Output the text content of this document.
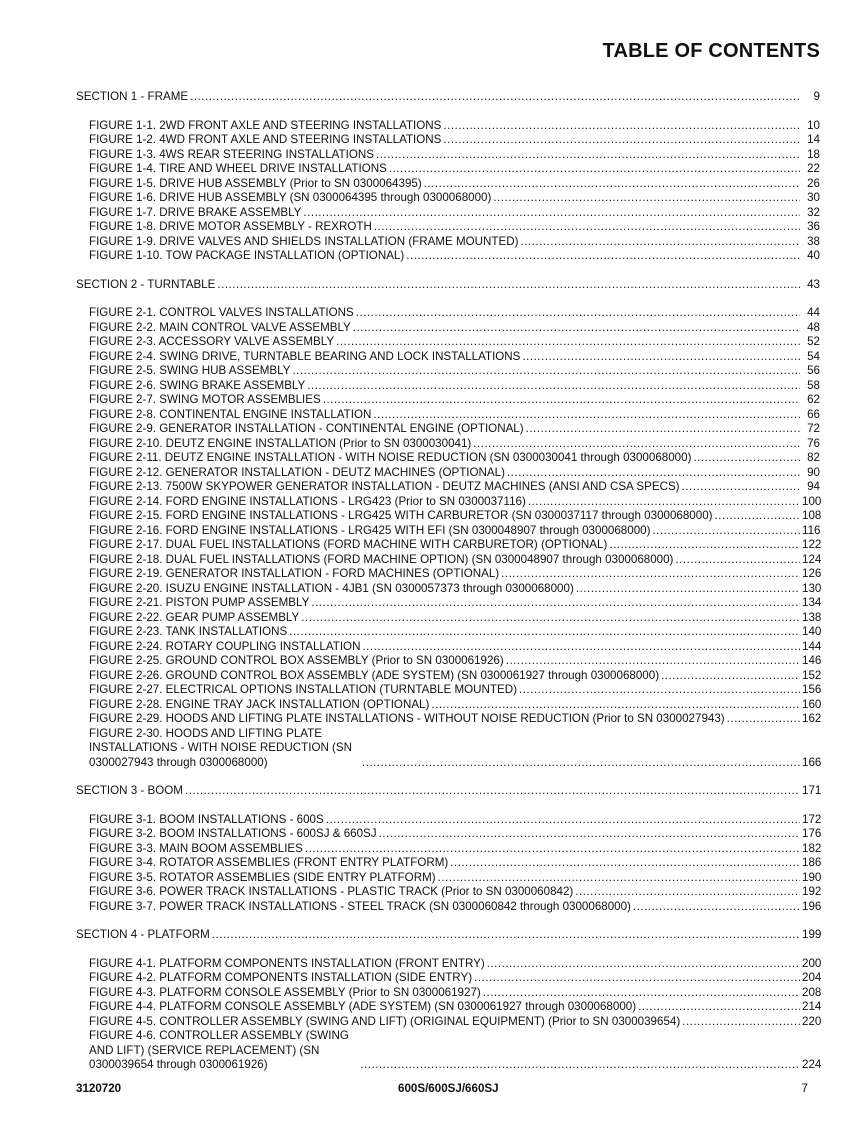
TABLE OF CONTENTS
SECTION 1 - FRAME .....	9
FIGURE 1-1. 2WD FRONT AXLE AND STEERING INSTALLATIONS .....	10
FIGURE 1-2. 4WD FRONT AXLE AND STEERING INSTALLATIONS .....	14
FIGURE 1-3. 4WS REAR STEERING INSTALLATIONS .....	18
FIGURE 1-4. TIRE AND WHEEL DRIVE INSTALLATIONS .....	22
FIGURE 1-5. DRIVE HUB ASSEMBLY (Prior to SN 0300064395) .....	26
FIGURE 1-6. DRIVE HUB ASSEMBLY (SN 0300064395 through 0300068000) .....	30
FIGURE 1-7. DRIVE BRAKE ASSEMBLY .....	32
FIGURE 1-8. DRIVE MOTOR ASSEMBLY - REXROTH .....	36
FIGURE 1-9. DRIVE VALVES AND SHIELDS INSTALLATION (FRAME MOUNTED) .....	38
FIGURE 1-10. TOW PACKAGE INSTALLATION (OPTIONAL) .....	40
SECTION 2 - TURNTABLE .....	43
FIGURE 2-1. CONTROL VALVES INSTALLATIONS .....	44
FIGURE 2-2. MAIN CONTROL VALVE ASSEMBLY .....	48
FIGURE 2-3. ACCESSORY VALVE ASSEMBLY .....	52
FIGURE 2-4. SWING DRIVE, TURNTABLE BEARING AND LOCK INSTALLATIONS .....	54
FIGURE 2-5. SWING HUB ASSEMBLY .....	56
FIGURE 2-6. SWING BRAKE ASSEMBLY .....	58
FIGURE 2-7. SWING MOTOR ASSEMBLIES .....	62
FIGURE 2-8. CONTINENTAL ENGINE INSTALLATION .....	66
FIGURE 2-9. GENERATOR INSTALLATION - CONTINENTAL ENGINE (OPTIONAL) .....	72
FIGURE 2-10. DEUTZ ENGINE INSTALLATION (Prior to SN 0300030041) .....	76
FIGURE 2-11. DEUTZ ENGINE INSTALLATION - WITH NOISE REDUCTION (SN 0300030041 through 0300068000) .....	82
FIGURE 2-12. GENERATOR INSTALLATION - DEUTZ MACHINES (OPTIONAL) .....	90
FIGURE 2-13. 7500W SKYPOWER GENERATOR INSTALLATION - DEUTZ MACHINES (ANSI AND CSA SPECS) .....	94
FIGURE 2-14. FORD ENGINE INSTALLATIONS - LRG423 (Prior to SN 0300037116) .....	100
FIGURE 2-15. FORD ENGINE INSTALLATIONS - LRG425 WITH CARBURETOR (SN 0300037117 through 0300068000) .....	108
FIGURE 2-16. FORD ENGINE INSTALLATIONS - LRG425 WITH EFI (SN 0300048907 through 0300068000) .....	116
FIGURE 2-17. DUAL FUEL INSTALLATIONS (FORD MACHINE WITH CARBURETOR) (OPTIONAL) .....	122
FIGURE 2-18. DUAL FUEL INSTALLATIONS (FORD MACHINE OPTION) (SN 0300048907 through 0300068000) .....	124
FIGURE 2-19. GENERATOR INSTALLATION - FORD MACHINES (OPTIONAL) .....	126
FIGURE 2-20. ISUZU ENGINE INSTALLATION - 4JB1 (SN 0300057373 through 0300068000) .....	130
FIGURE 2-21. PISTON PUMP ASSEMBLY .....	134
FIGURE 2-22. GEAR PUMP ASSEMBLY .....	138
FIGURE 2-23. TANK INSTALLATIONS .....	140
FIGURE 2-24. ROTARY COUPLING INSTALLATION .....	144
FIGURE 2-25. GROUND CONTROL BOX ASSEMBLY (Prior to SN 0300061926) .....	146
FIGURE 2-26. GROUND CONTROL BOX ASSEMBLY (ADE SYSTEM) (SN 0300061927 through 0300068000) .....	152
FIGURE 2-27. ELECTRICAL OPTIONS INSTALLATION (TURNTABLE MOUNTED) .....	156
FIGURE 2-28. ENGINE TRAY JACK INSTALLATION (OPTIONAL) .....	160
FIGURE 2-29. HOODS AND LIFTING PLATE INSTALLATIONS - WITHOUT NOISE REDUCTION (Prior to SN 0300027943) .....	162
FIGURE 2-30. HOODS AND LIFTING PLATE INSTALLATIONS - WITH NOISE REDUCTION (SN 0300027943 through 0300068000) .....	166
SECTION 3 - BOOM .....	171
FIGURE 3-1. BOOM INSTALLATIONS - 600S .....	172
FIGURE 3-2. BOOM INSTALLATIONS - 600SJ & 660SJ .....	176
FIGURE 3-3. MAIN BOOM ASSEMBLIES .....	182
FIGURE 3-4. ROTATOR ASSEMBLIES (FRONT ENTRY PLATFORM) .....	186
FIGURE 3-5. ROTATOR ASSEMBLIES (SIDE ENTRY PLATFORM) .....	190
FIGURE 3-6. POWER TRACK INSTALLATIONS - PLASTIC TRACK (Prior to SN 0300060842) .....	192
FIGURE 3-7. POWER TRACK INSTALLATIONS - STEEL TRACK (SN 0300060842 through 0300068000) .....	196
SECTION 4 - PLATFORM .....	199
FIGURE 4-1. PLATFORM COMPONENTS INSTALLATION (FRONT ENTRY) .....	200
FIGURE 4-2. PLATFORM COMPONENTS INSTALLATION (SIDE ENTRY) .....	204
FIGURE 4-3. PLATFORM CONSOLE ASSEMBLY (Prior to SN 0300061927) .....	208
FIGURE 4-4. PLATFORM CONSOLE ASSEMBLY (ADE SYSTEM) (SN 0300061927 through 0300068000) .....	214
FIGURE 4-5. CONTROLLER ASSEMBLY (SWING AND LIFT) (ORIGINAL EQUIPMENT) (Prior to SN 0300039654) .....	220
FIGURE 4-6. CONTROLLER ASSEMBLY (SWING AND LIFT) (SERVICE REPLACEMENT) (SN 0300039654 through 0300061926) .....	224
3120720	600S/600SJ/660SJ	7
